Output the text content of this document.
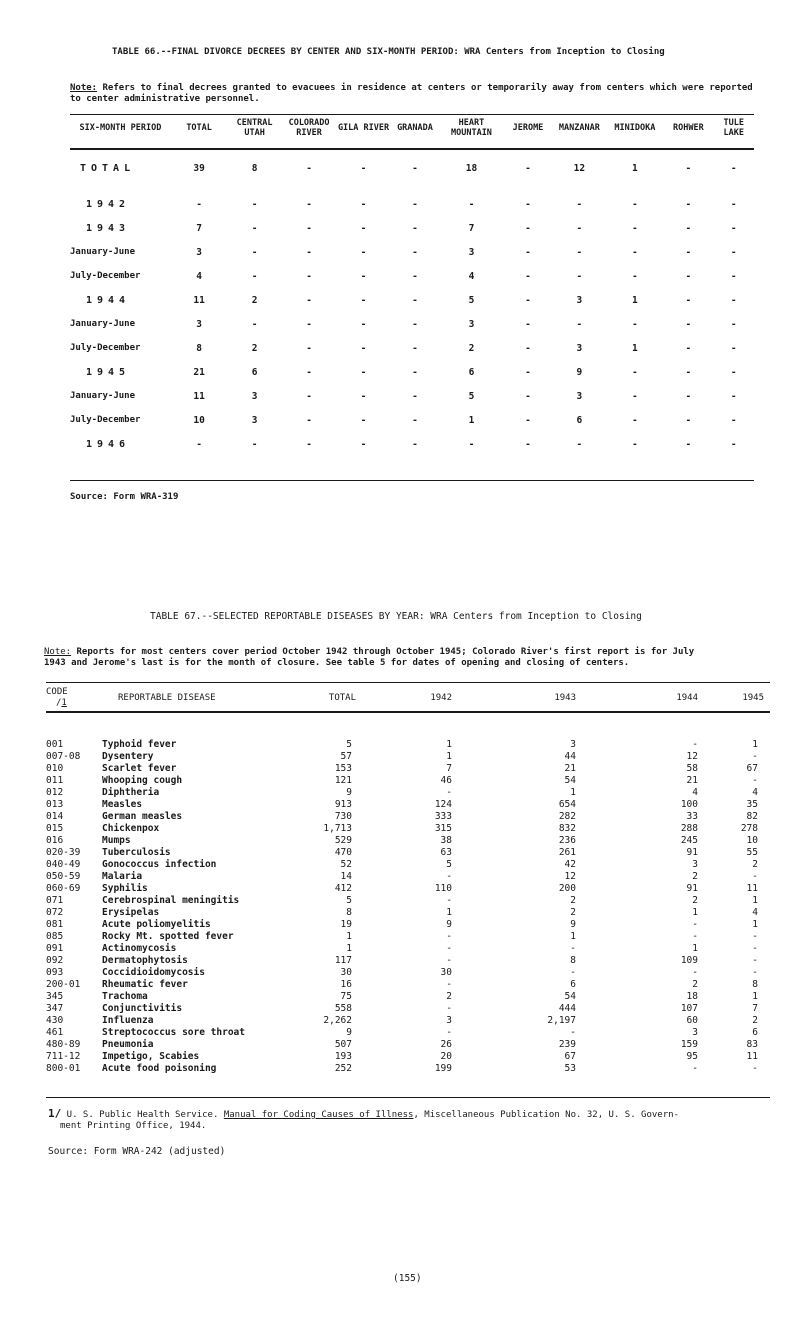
TABLE 66.--FINAL DIVORCE DECREES BY CENTER AND SIX-MONTH PERIOD: WRA Centers from Inception to Closing
Note: Refers to final decrees granted to evacuees in residence at centers or temporarily away from centers which were reported to center administrative personnel.
SIX-MONTH PERIOD	TOTAL	CENTRAL UTAH	COLORADO RIVER	GILA RIVER	GRANADA	HEART MOUNTAIN	JEROME	MANZANAR	MINIDOKA	ROHWER	TULE LAKE

TOTAL	39	8	-	-	-	18	-	12	1	-	-

1942	-	-	-	-	-	-	-	-	-	-	-
1943	7	-	-	-	-	7	-	-	-	-	-
January-June	3	-	-	-	-	3	-	-	-	-	-
July-December	4	-	-	-	-	4	-	-	-	-	-
1944	11	2	-	-	-	5	-	3	1	-	-
January-June	3	-	-	-	-	3	-	-	-	-	-
July-December	8	2	-	-	-	2	-	3	1	-	-
1945	21	6	-	-	-	6	-	9	-	-	-
January-June	11	3	-	-	-	5	-	3	-	-	-
July-December	10	3	-	-	-	1	-	6	-	-	-
1946	-	-	-	-	-	-	-	-	-	-	-
Source: Form WRA-319
TABLE 67.--SELECTED REPORTABLE DISEASES BY YEAR: WRA Centers from Inception to Closing
Note: Reports for most centers cover period October 1942 through October 1945; Colorado River's first report is for July
1943 and Jerome's last is for the month of closure. See table 5 for dates of opening and closing of centers.
CODE
/1	REPORTABLE DISEASE	TOTAL	1942	1943	1944	1945

001	Typhoid fever	5	1	3	-	1
007-08	Dysentery	57	1	44	12	-
010	Scarlet fever	153	7	21	58	67
011	Whooping cough	121	46	54	21	-
012	Diphtheria	9	-	1	4	4
013	Measles	913	124	654	100	35
014	German measles	730	333	282	33	82
015	Chickenpox	1,713	315	832	288	278
016	Mumps	529	38	236	245	10
020-39	Tuberculosis	470	63	261	91	55
040-49	Gonococcus infection	52	5	42	3	2
050-59	Malaria	14	-	12	2	-
060-69	Syphilis	412	110	200	91	11
071	Cerebrospinal meningitis	5	-	2	2	1
072	Erysipelas	8	1	2	1	4
081	Acute poliomyelitis	19	9	9	-	1
085	Rocky Mt. spotted fever	1	-	1	-	-
091	Actinomycosis	1	-	-	1	-
092	Dermatophytosis	117	-	8	109	-
093	Coccidioidomycosis	30	30	-	-	-
200-01	Rheumatic fever	16	-	6	2	8
345	Trachoma	75	2	54	18	1
347	Conjunctivitis	558	-	444	107	7
430	Influenza	2,262	3	2,197	60	2
461	Streptococcus sore throat	9	-	-	3	6
480-89	Pneumonia	507	26	239	159	83
711-12	Impetigo, Scabies	193	20	67	95	11
800-01	Acute food poisoning	252	199	53	-	-
1/ U. S. Public Health Service. Manual for Coding Causes of Illness, Miscellaneous Publication No. 32, U. S. Govern-
ment Printing Office, 1944.
Source: Form WRA-242 (adjusted)
(155)
